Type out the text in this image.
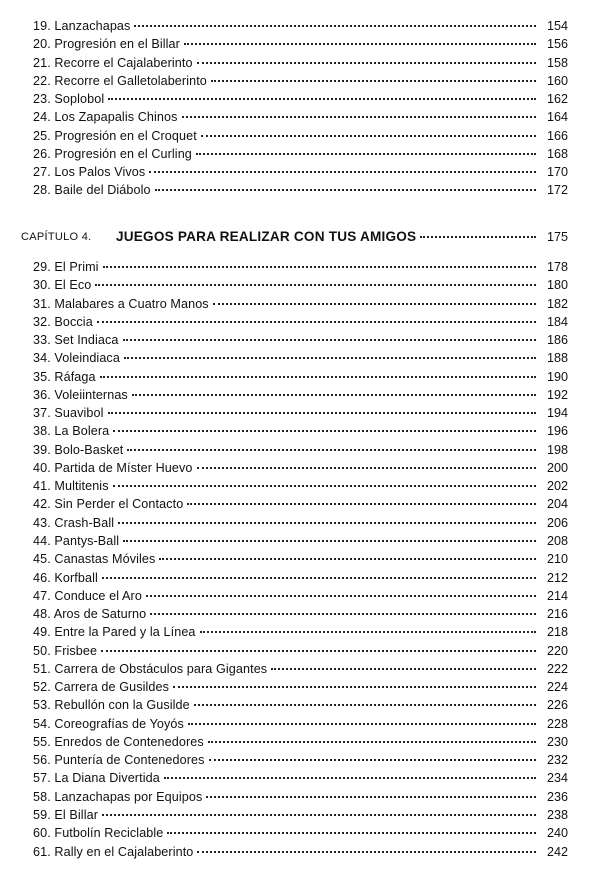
19. Lanzachapas	154
20. Progresión en el Billar	156
21. Recorre el Cajalaberinto	158
22. Recorre el Galletolaberinto	160
23. Soplobol	162
24. Los Zapapalis Chinos	164
25. Progresión en el Croquet	166
26. Progresión en el Curling	168
27. Los Palos Vivos	170
28. Baile del Diábolo	172
CAPÍTULO 4. JUEGOS PARA REALIZAR CON TUS AMIGOS	175
29. El Primi	178
30. El Eco	180
31. Malabares a Cuatro Manos	182
32. Boccia	184
33. Set Indiaca	186
34. Voleindiaca	188
35. Ráfaga	190
36. Voleiinternas	192
37. Suavibol	194
38. La Bolera	196
39. Bolo-Basket	198
40. Partida de Míster Huevo	200
41. Multitenis	202
42. Sin Perder el Contacto	204
43. Crash-Ball	206
44. Pantys-Ball	208
45. Canastas Móviles	210
46. Korfball	212
47. Conduce el Aro	214
48. Aros de Saturno	216
49. Entre la Pared y la Línea	218
50. Frisbee	220
51. Carrera de Obstáculos para Gigantes	222
52. Carrera de Gusildes	224
53. Rebullón con la Gusilde	226
54. Coreografías de Yoyós	228
55. Enredos de Contenedores	230
56. Puntería de Contenedores	232
57. La Diana Divertida	234
58. Lanzachapas por Equipos	236
59. El Billar	238
60. Futbolín Reciclable	240
61. Rally en el Cajalaberinto	242
